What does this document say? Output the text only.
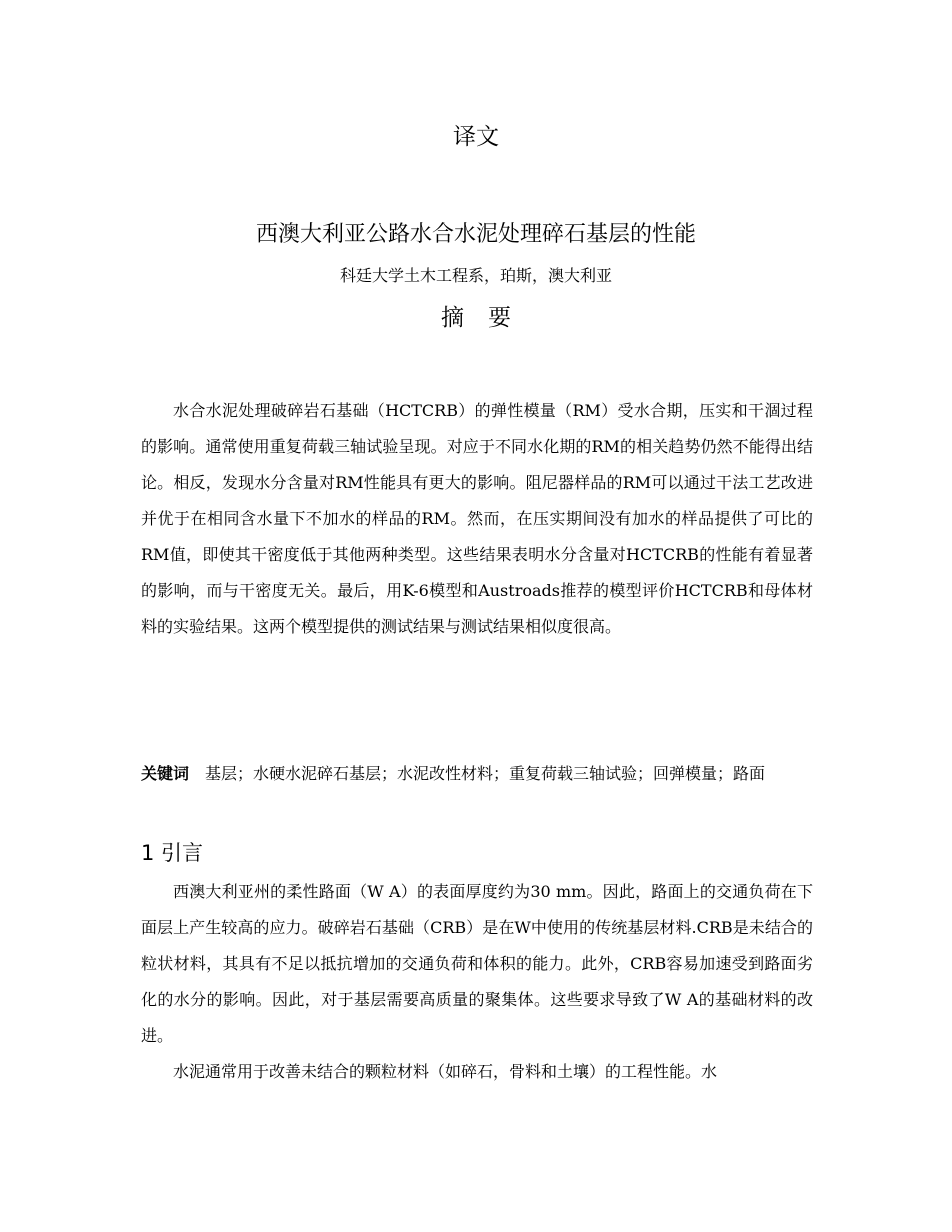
译文
西澳大利亚公路水合水泥处理碎石基层的性能
科廷大学土木工程系，珀斯，澳大利亚
摘要

水合水泥处理破碎岩石基础（HCTCRB）的弹性模量（RM）受水合期，压实和干涸过程的影响。通常使用重复荷载三轴试验呈现。对应于不同水化期的RM的相关趋势仍然不能得出结论。相反，发现水分含量对RM性能具有更大的影响。阻尼器样品的RM可以通过干法工艺改进并优于在相同含水量下不加水的样品的RM。然而，在压实期间没有加水的样品提供了可比的RM值，即使其干密度低于其他两种类型。这些结果表明水分含量对HCTCRB的性能有着显著的影响，而与干密度无关。最后，用K-6模型和Austroads推荐的模型评价HCTCRB和母体材料的实验结果。这两个模型提供的测试结果与测试结果相似度很高。

关键词 基层；水硬水泥碎石基层；水泥改性材料；重复荷载三轴试验；回弹模量；路面

1 引言

西澳大利亚州的柔性路面（W A）的表面厚度约为30 mm。因此，路面上的交通负荷在下面层上产生较高的应力。破碎岩石基础（CRB）是在W中使用的传统基层材料.CRB是未结合的粒状材料，其具有不足以抵抗增加的交通负荷和体积的能力。此外，CRB容易加速受到路面劣化的水分的影响。因此，对于基层需要高质量的聚集体。这些要求导致了W A的基础材料的改进。

水泥通常用于改善未结合的颗粒材料（如碎石，骨料和土壤）的工程性能。水
